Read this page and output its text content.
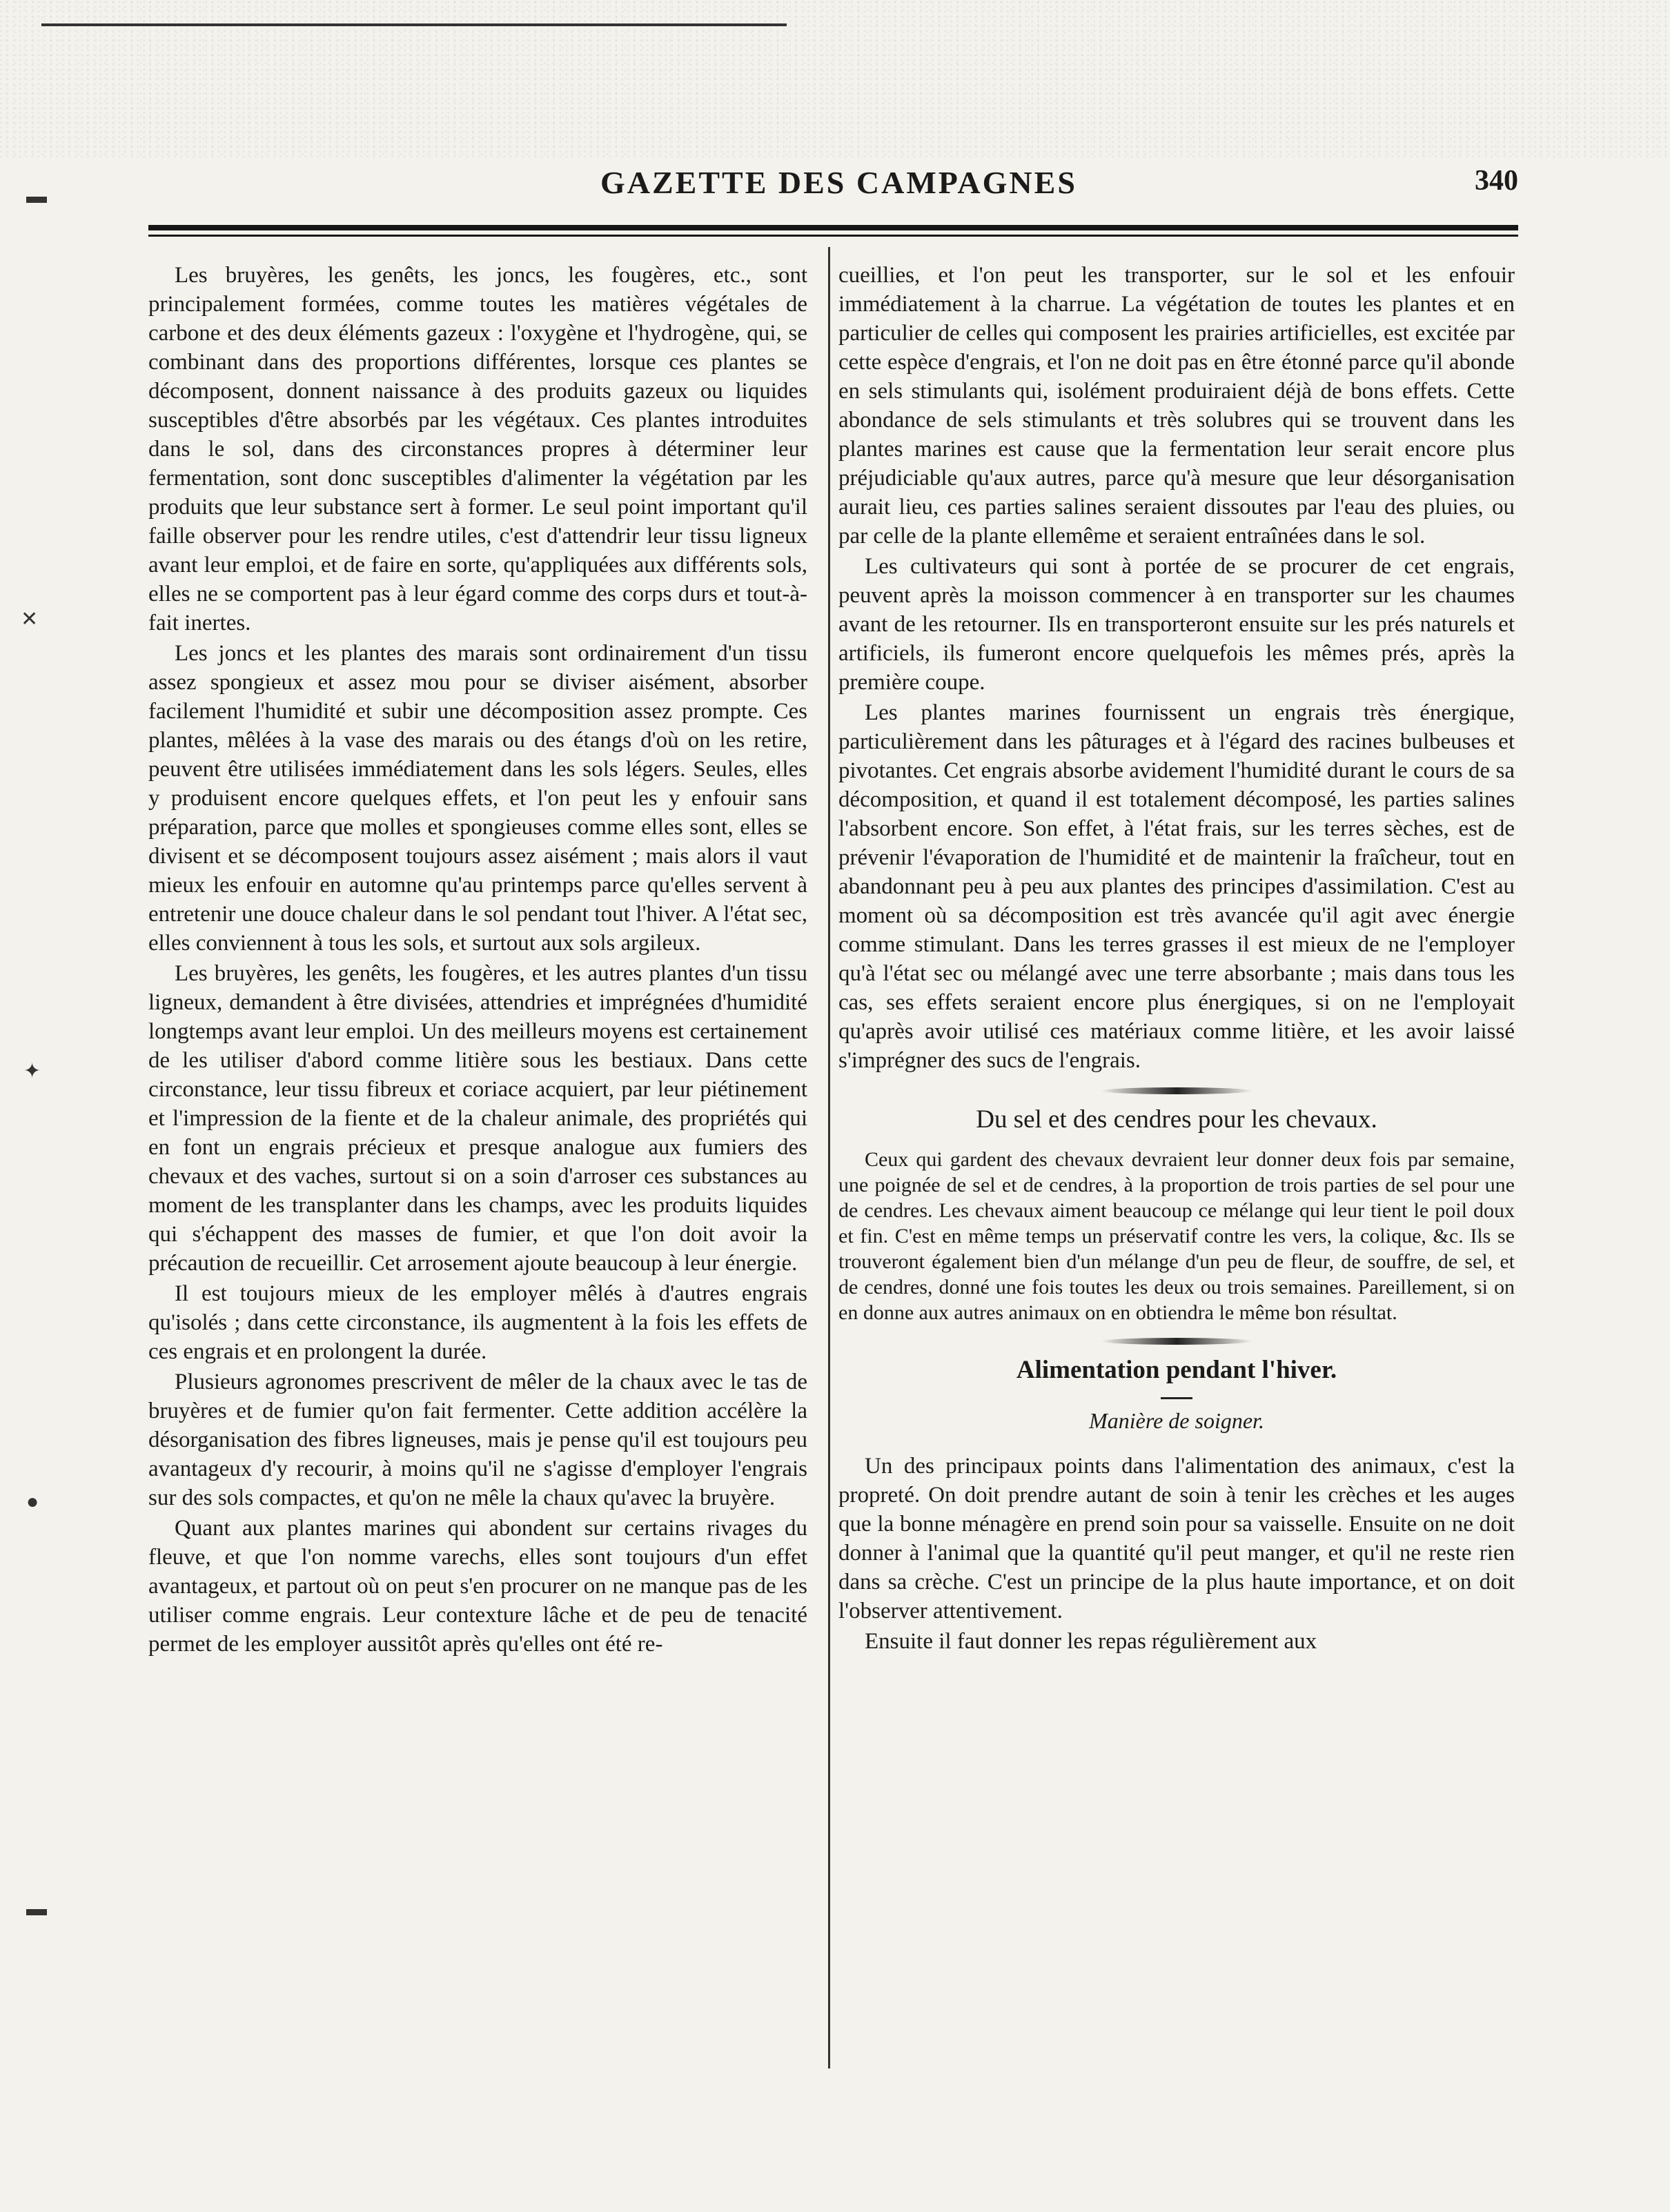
▬
✕
✦
●
▬
GAZETTE DES CAMPAGNES	340

Les bruyères, les genêts, les joncs, les fougères, etc., sont principalement formées, comme toutes les matières végétales de carbone et des deux éléments gazeux : l'oxygène et l'hydrogène, qui, se combinant dans des proportions différentes, lorsque ces plantes se décomposent, donnent naissance à des produits gazeux ou liquides susceptibles d'être absorbés par les végétaux. Ces plantes introduites dans le sol, dans des circonstances propres à déterminer leur fermentation, sont donc susceptibles d'alimenter la végétation par les produits que leur substance sert à former. Le seul point important qu'il faille observer pour les rendre utiles, c'est d'attendrir leur tissu ligneux avant leur emploi, et de faire en sorte, qu'appliquées aux différents sols, elles ne se comportent pas à leur égard comme des corps durs et tout-à-fait inertes.

Les joncs et les plantes des marais sont ordinairement d'un tissu assez spongieux et assez mou pour se diviser aisément, absorber facilement l'humidité et subir une décomposition assez prompte. Ces plantes, mêlées à la vase des marais ou des étangs d'où on les retire, peuvent être utilisées immédiatement dans les sols légers. Seules, elles y produisent encore quelques effets, et l'on peut les y enfouir sans préparation, parce que molles et spongieuses comme elles sont, elles se divisent et se décomposent toujours assez aisément ; mais alors il vaut mieux les enfouir en automne qu'au printemps parce qu'elles servent à entretenir une douce chaleur dans le sol pendant tout l'hiver. A l'état sec, elles conviennent à tous les sols, et surtout aux sols argileux.

Les bruyères, les genêts, les fougères, et les autres plantes d'un tissu ligneux, demandent à être divisées, attendries et imprégnées d'humidité longtemps avant leur emploi. Un des meilleurs moyens est certainement de les utiliser d'abord comme litière sous les bestiaux. Dans cette circonstance, leur tissu fibreux et coriace acquiert, par leur piétinement et l'impression de la fiente et de la chaleur animale, des propriétés qui en font un engrais précieux et presque analogue aux fumiers des chevaux et des vaches, surtout si on a soin d'arroser ces substances au moment de les transplanter dans les champs, avec les produits liquides qui s'échappent des masses de fumier, et que l'on doit avoir la précaution de recueillir. Cet arrosement ajoute beaucoup à leur énergie.

Il est toujours mieux de les employer mêlés à d'autres engrais qu'isolés ; dans cette circonstance, ils augmentent à la fois les effets de ces engrais et en prolongent la durée.

Plusieurs agronomes prescrivent de mêler de la chaux avec le tas de bruyères et de fumier qu'on fait fermenter. Cette addition accélère la désorganisation des fibres ligneuses, mais je pense qu'il est toujours peu avantageux d'y recourir, à moins qu'il ne s'agisse d'employer l'engrais sur des sols compactes, et qu'on ne mêle la chaux qu'avec la bruyère.

Quant aux plantes marines qui abondent sur certains rivages du fleuve, et que l'on nomme varechs, elles sont toujours d'un effet avantageux, et partout où on peut s'en procurer on ne manque pas de les utiliser comme engrais. Leur contexture lâche et de peu de tenacité permet de les employer aussitôt après qu'elles ont été re-

cueillies, et l'on peut les transporter, sur le sol et les enfouir immédiatement à la charrue. La végétation de toutes les plantes et en particulier de celles qui composent les prairies artificielles, est excitée par cette espèce d'engrais, et l'on ne doit pas en être étonné parce qu'il abonde en sels stimulants qui, isolément produiraient déjà de bons effets. Cette abondance de sels stimulants et très solubres qui se trouvent dans les plantes marines est cause que la fermentation leur serait encore plus préjudiciable qu'aux autres, parce qu'à mesure que leur désorganisation aurait lieu, ces parties salines seraient dissoutes par l'eau des pluies, ou par celle de la plante ellemême et seraient entraînées dans le sol.

Les cultivateurs qui sont à portée de se procurer de cet engrais, peuvent après la moisson commencer à en transporter sur les chaumes avant de les retourner. Ils en transporteront ensuite sur les prés naturels et artificiels, ils fumeront encore quelquefois les mêmes prés, après la première coupe.

Les plantes marines fournissent un engrais très énergique, particulièrement dans les pâturages et à l'égard des racines bulbeuses et pivotantes. Cet engrais absorbe avidement l'humidité durant le cours de sa décomposition, et quand il est totalement décomposé, les parties salines l'absorbent encore. Son effet, à l'état frais, sur les terres sèches, est de prévenir l'évaporation de l'humidité et de maintenir la fraîcheur, tout en abandonnant peu à peu aux plantes des principes d'assimilation. C'est au moment où sa décomposition est très avancée qu'il agit avec énergie comme stimulant. Dans les terres grasses il est mieux de ne l'employer qu'à l'état sec ou mélangé avec une terre absorbante ; mais dans tous les cas, ses effets seraient encore plus énergiques, si on ne l'employait qu'après avoir utilisé ces matériaux comme litière, et les avoir laissé s'imprégner des sucs de l'engrais.

Du sel et des cendres pour les chevaux.

Ceux qui gardent des chevaux devraient leur donner deux fois par semaine, une poignée de sel et de cendres, à la proportion de trois parties de sel pour une de cendres. Les chevaux aiment beaucoup ce mélange qui leur tient le poil doux et fin. C'est en même temps un préservatif contre les vers, la colique, &c. Ils se trouveront également bien d'un mélange d'un peu de fleur, de souffre, de sel, et de cendres, donné une fois toutes les deux ou trois semaines. Pareillement, si on en donne aux autres animaux on en obtiendra le même bon résultat.

Alimentation pendant l'hiver.
Manière de soigner.

Un des principaux points dans l'alimentation des animaux, c'est la propreté. On doit prendre autant de soin à tenir les crèches et les auges que la bonne ménagère en prend soin pour sa vaisselle. Ensuite on ne doit donner à l'animal que la quantité qu'il peut manger, et qu'il ne reste rien dans sa crèche. C'est un principe de la plus haute importance, et on doit l'observer attentivement.

Ensuite il faut donner les repas régulièrement aux
